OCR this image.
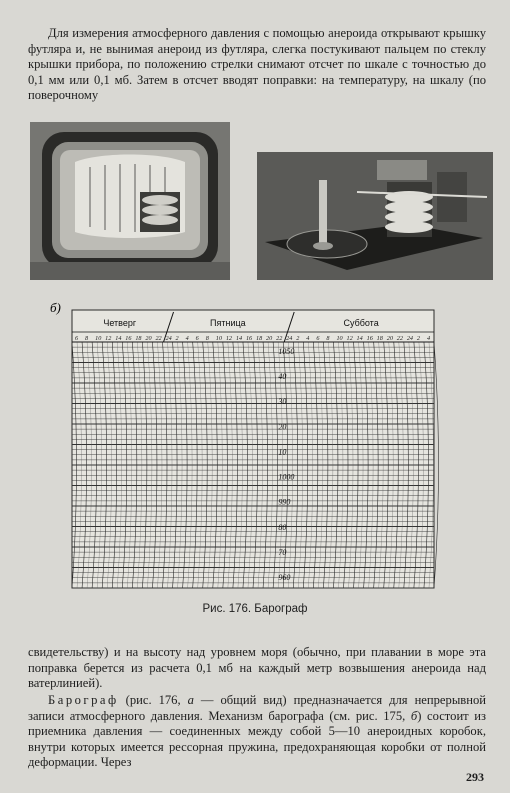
Для измерения атмосферного давления с помощью анероида открывают крышку футляра и, не вынимая анероид из футляра, слегка постукивают пальцем по стеклу крышки прибора, по положению стрелки снимают отсчет по шкале с точностью до 0,1 мм или 0,1 мб. Затем в отсчет вводят поправки: на температуру, на шкалу (по поверочному
б)
6 8 10 12 14 16 18 20 22 24 2 4 6 8 10 12 14 16 18 20 22 24 2 4 6 8 10 12 14 16 18 20 22 24 2 4
Четверг	Пятница	Суббота
1050
40
30
20
10
1000
990
80
70
960
Рис. 176. Барограф
свидетельству) и на высоту над уровнем моря (обычно, при плавании в море эта поправка берется из расчета 0,1 мб на каждый метр возвышения анероида над ватерлинией).
Барограф (рис. 176, а — общий вид) предназначается для непрерывной записи атмосферного давления. Механизм барографа (см. рис. 175, б) состоит из приемника давления — соединенных между собой 5—10 анероидных коробок, внутри которых имеется рессорная пружина, предохраняющая коробки от полной деформации. Через
293
